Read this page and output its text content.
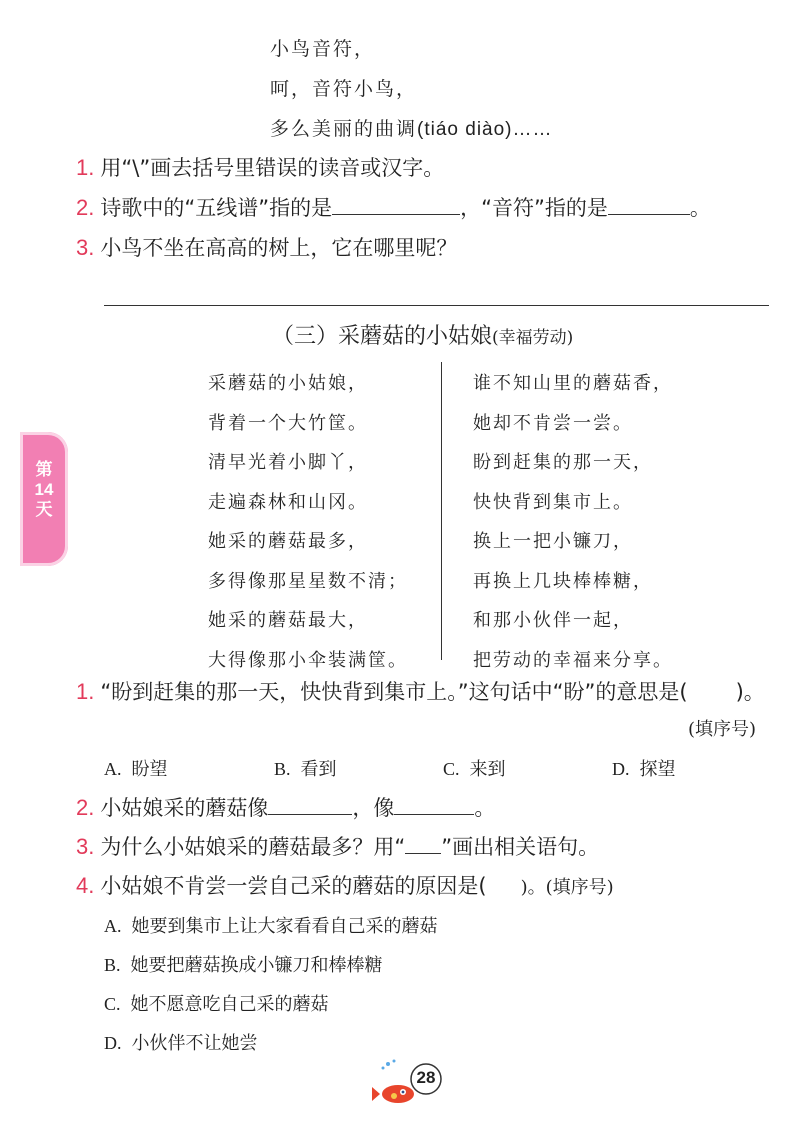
小鸟音符，
呵，音符小鸟，
多么美丽的曲调(tiáo diào)……
1. 用“\”画去括号里错误的读音或汉字。
2. 诗歌中的“五线谱”指的是	，“音符”指的是	。
3. 小鸟不坐在高高的树上，它在哪里呢？
（三）采蘑菇的小姑娘(幸福劳动)
采蘑菇的小姑娘，
背着一个大竹筐。
清早光着小脚丫，
走遍森林和山冈。
她采的蘑菇最多，
多得像那星星数不清；
她采的蘑菇最大，
大得像那小伞装满筐。
谁不知山里的蘑菇香，
她却不肯尝一尝。
盼到赶集的那一天，
快快背到集市上。
换上一把小镰刀，
再换上几块棒棒糖，
和那小伙伴一起，
把劳动的幸福来分享。
第
14
天
1. “盼到赶集的那一天，快快背到集市上。”这句话中“盼”的意思是( )。
(填序号)
A. 盼望	B. 看到	C. 来到	D. 探望
2. 小姑娘采的蘑菇像	，像	。
3. 为什么小姑娘采的蘑菇最多？用“ ”画出相关语句。
4. 小姑娘不肯尝一尝自己采的蘑菇的原因是( )。(填序号)
A. 她要到集市上让大家看看自己采的蘑菇
B. 她要把蘑菇换成小镰刀和棒棒糖
C. 她不愿意吃自己采的蘑菇
D. 小伙伴不让她尝
28
